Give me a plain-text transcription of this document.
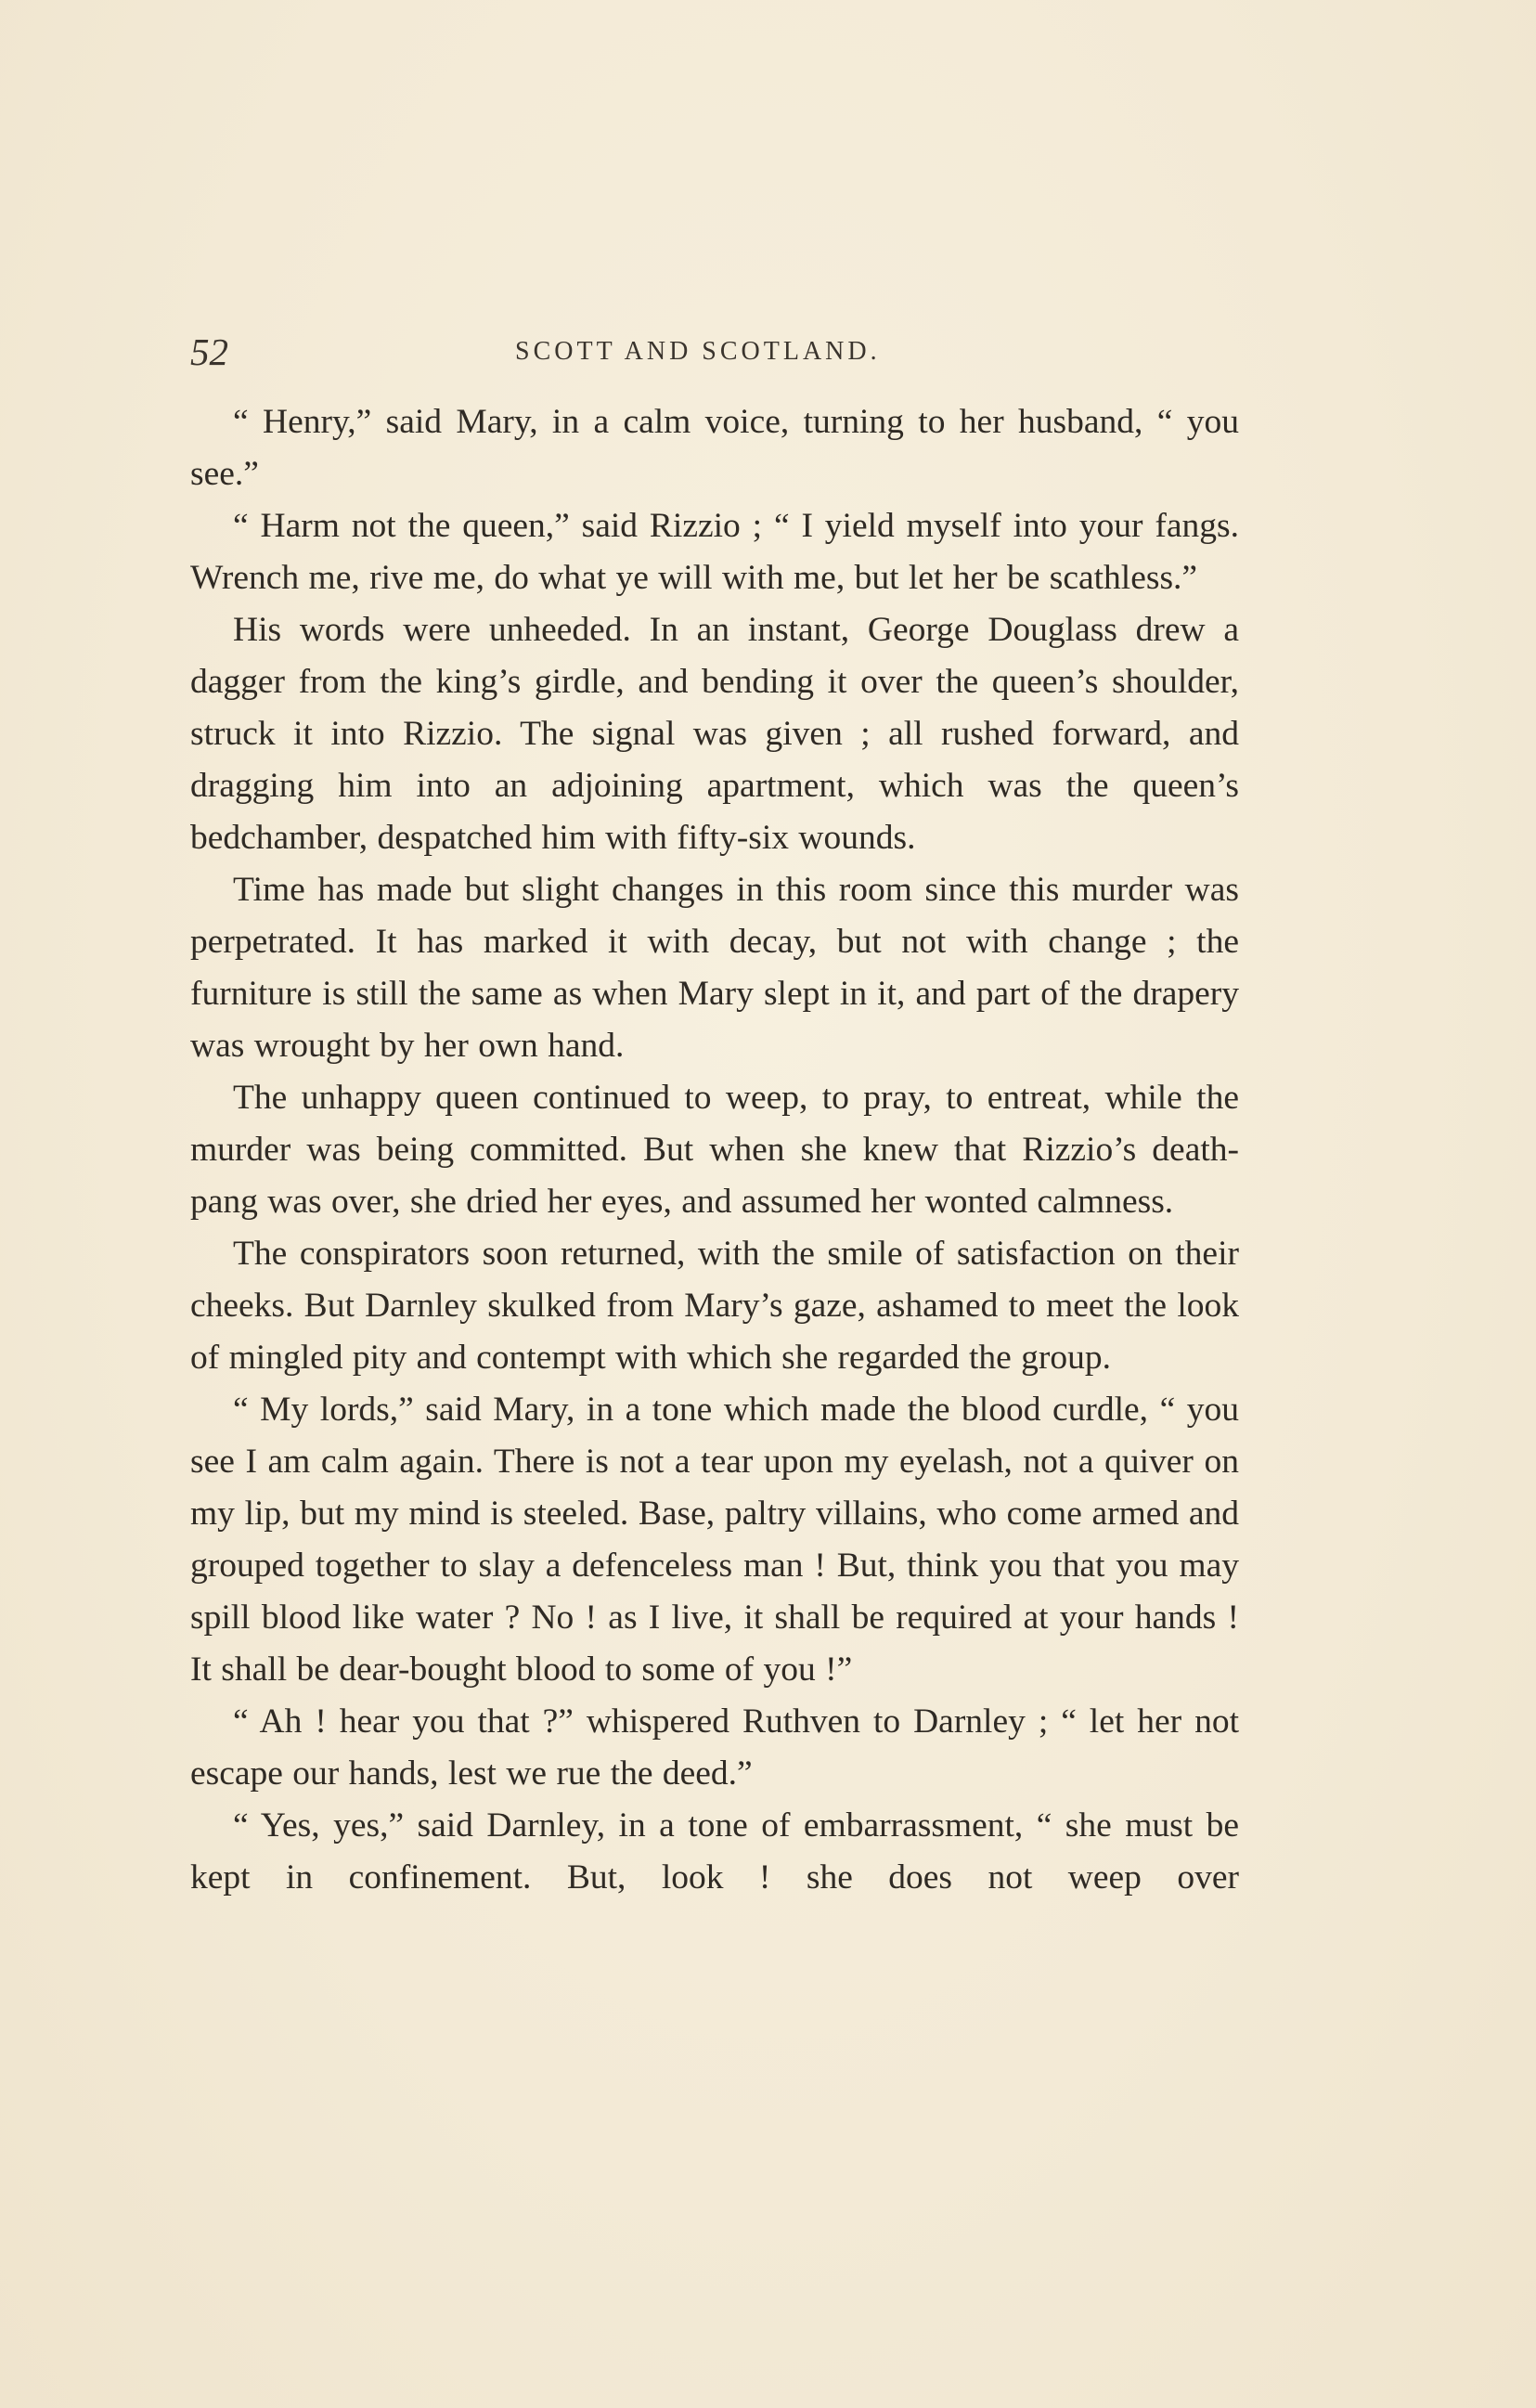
52	SCOTT AND SCOTLAND.

“ Henry,” said Mary, in a calm voice, turning to her husband, “ you see.”

“ Harm not the queen,” said Rizzio ; “ I yield myself into your fangs. Wrench me, rive me, do what ye will with me, but let her be scathless.”

His words were unheeded. In an instant, George Douglass drew a dagger from the king’s girdle, and bending it over the queen’s shoulder, struck it into Rizzio. The signal was given ; all rushed forward, and dragging him into an adjoining apartment, which was the queen’s bedchamber, despatched him with fifty-six wounds.

Time has made but slight changes in this room since this murder was perpetrated. It has marked it with decay, but not with change ; the furniture is still the same as when Mary slept in it, and part of the drapery was wrought by her own hand.

The unhappy queen continued to weep, to pray, to entreat, while the murder was being committed. But when she knew that Rizzio’s death-pang was over, she dried her eyes, and assumed her wonted calmness.

The conspirators soon returned, with the smile of satisfaction on their cheeks. But Darnley skulked from Mary’s gaze, ashamed to meet the look of mingled pity and contempt with which she regarded the group.

“ My lords,” said Mary, in a tone which made the blood curdle, “ you see I am calm again. There is not a tear upon my eyelash, not a quiver on my lip, but my mind is steeled. Base, paltry villains, who come armed and grouped together to slay a defenceless man ! But, think you that you may spill blood like water ? No ! as I live, it shall be required at your hands ! It shall be dear-bought blood to some of you !”

“ Ah ! hear you that ?” whispered Ruthven to Darnley ; “ let her not escape our hands, lest we rue the deed.”

“ Yes, yes,” said Darnley, in a tone of embarrassment, “ she must be kept in confinement. But, look ! she does not weep over
